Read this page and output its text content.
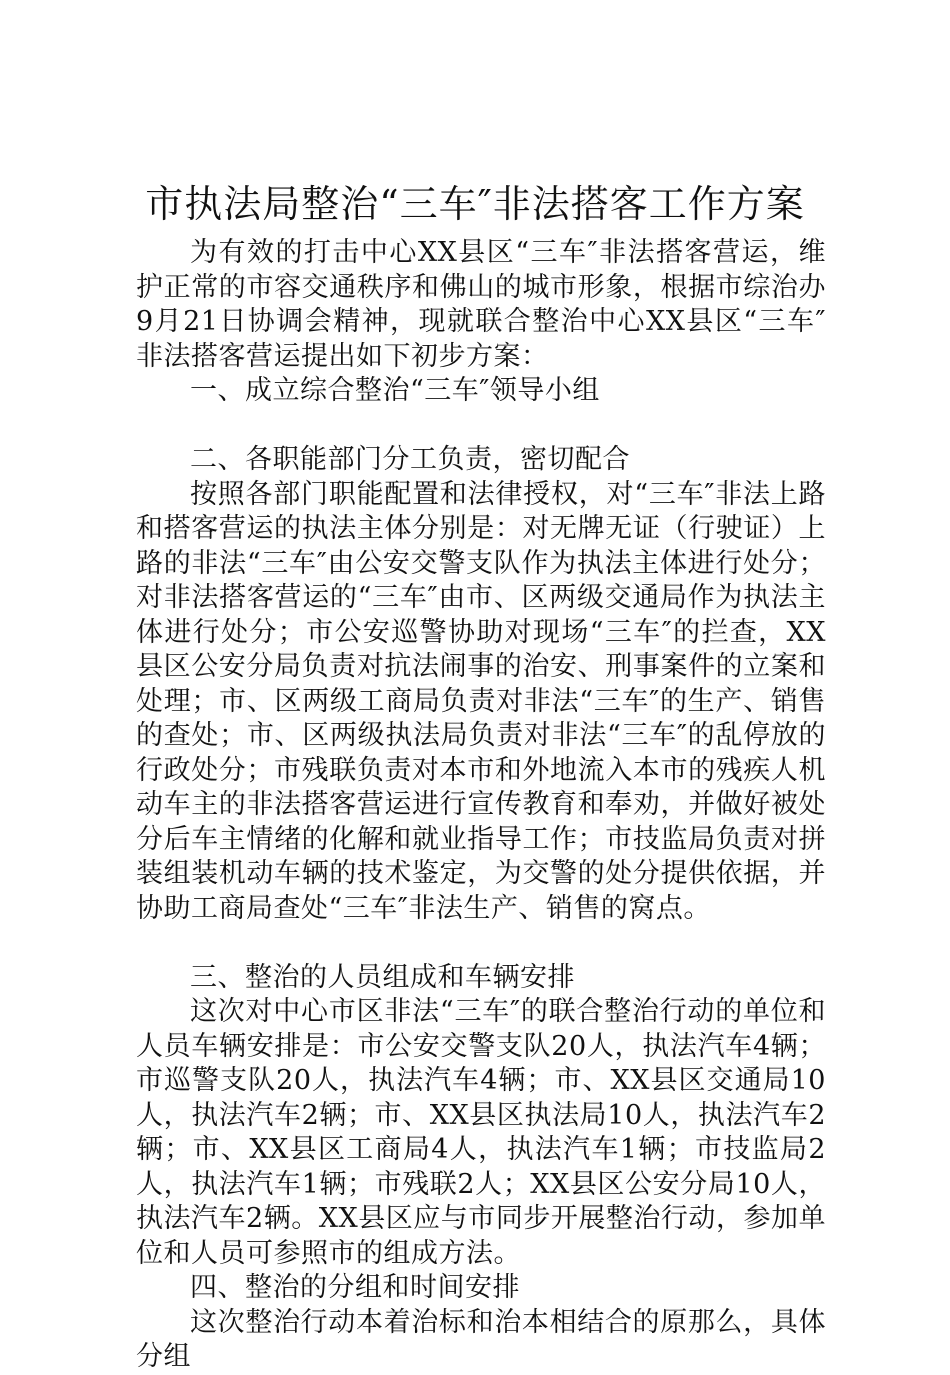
市执法局整治“三车″非法搭客工作方案

为有效的打击中心XX县区“三车″非法搭客营运，维护正常的市容交通秩序和佛山的城市形象，根据市综治办9月21日协调会精神，现就联合整治中心XX县区“三车″非法搭客营运提出如下初步方案：

一、成立综合整治“三车″领导小组

二、各职能部门分工负责，密切配合

按照各部门职能配置和法律授权，对“三车″非法上路和搭客营运的执法主体分别是：对无牌无证（行驶证）上路的非法“三车″由公安交警支队作为执法主体进行处分；对非法搭客营运的“三车″由市、区两级交通局作为执法主体进行处分；市公安巡警协助对现场“三车″的拦查，XX县区公安分局负责对抗法闹事的治安、刑事案件的立案和处理；市、区两级工商局负责对非法“三车″的生产、销售的查处；市、区两级执法局负责对非法“三车″的乱停放的行政处分；市残联负责对本市和外地流入本市的残疾人机动车主的非法搭客营运进行宣传教育和奉劝，并做好被处分后车主情绪的化解和就业指导工作；市技监局负责对拼装组装机动车辆的技术鉴定，为交警的处分提供依据，并协助工商局查处“三车″非法生产、销售的窝点。

三、整治的人员组成和车辆安排

这次对中心市区非法“三车″的联合整治行动的单位和人员车辆安排是：市公安交警支队20人，执法汽车4辆；市巡警支队20人，执法汽车4辆；市、XX县区交通局10人，执法汽车2辆；市、XX县区执法局10人，执法汽车2辆；市、XX县区工商局4人，执法汽车1辆；市技监局2人，执法汽车1辆；市残联2人；XX县区公安分局10人，执法汽车2辆。XX县区应与市同步开展整治行动，参加单位和人员可参照市的组成方法。

四、整治的分组和时间安排

这次整治行动本着治标和治本相结合的原那么，具体分组
